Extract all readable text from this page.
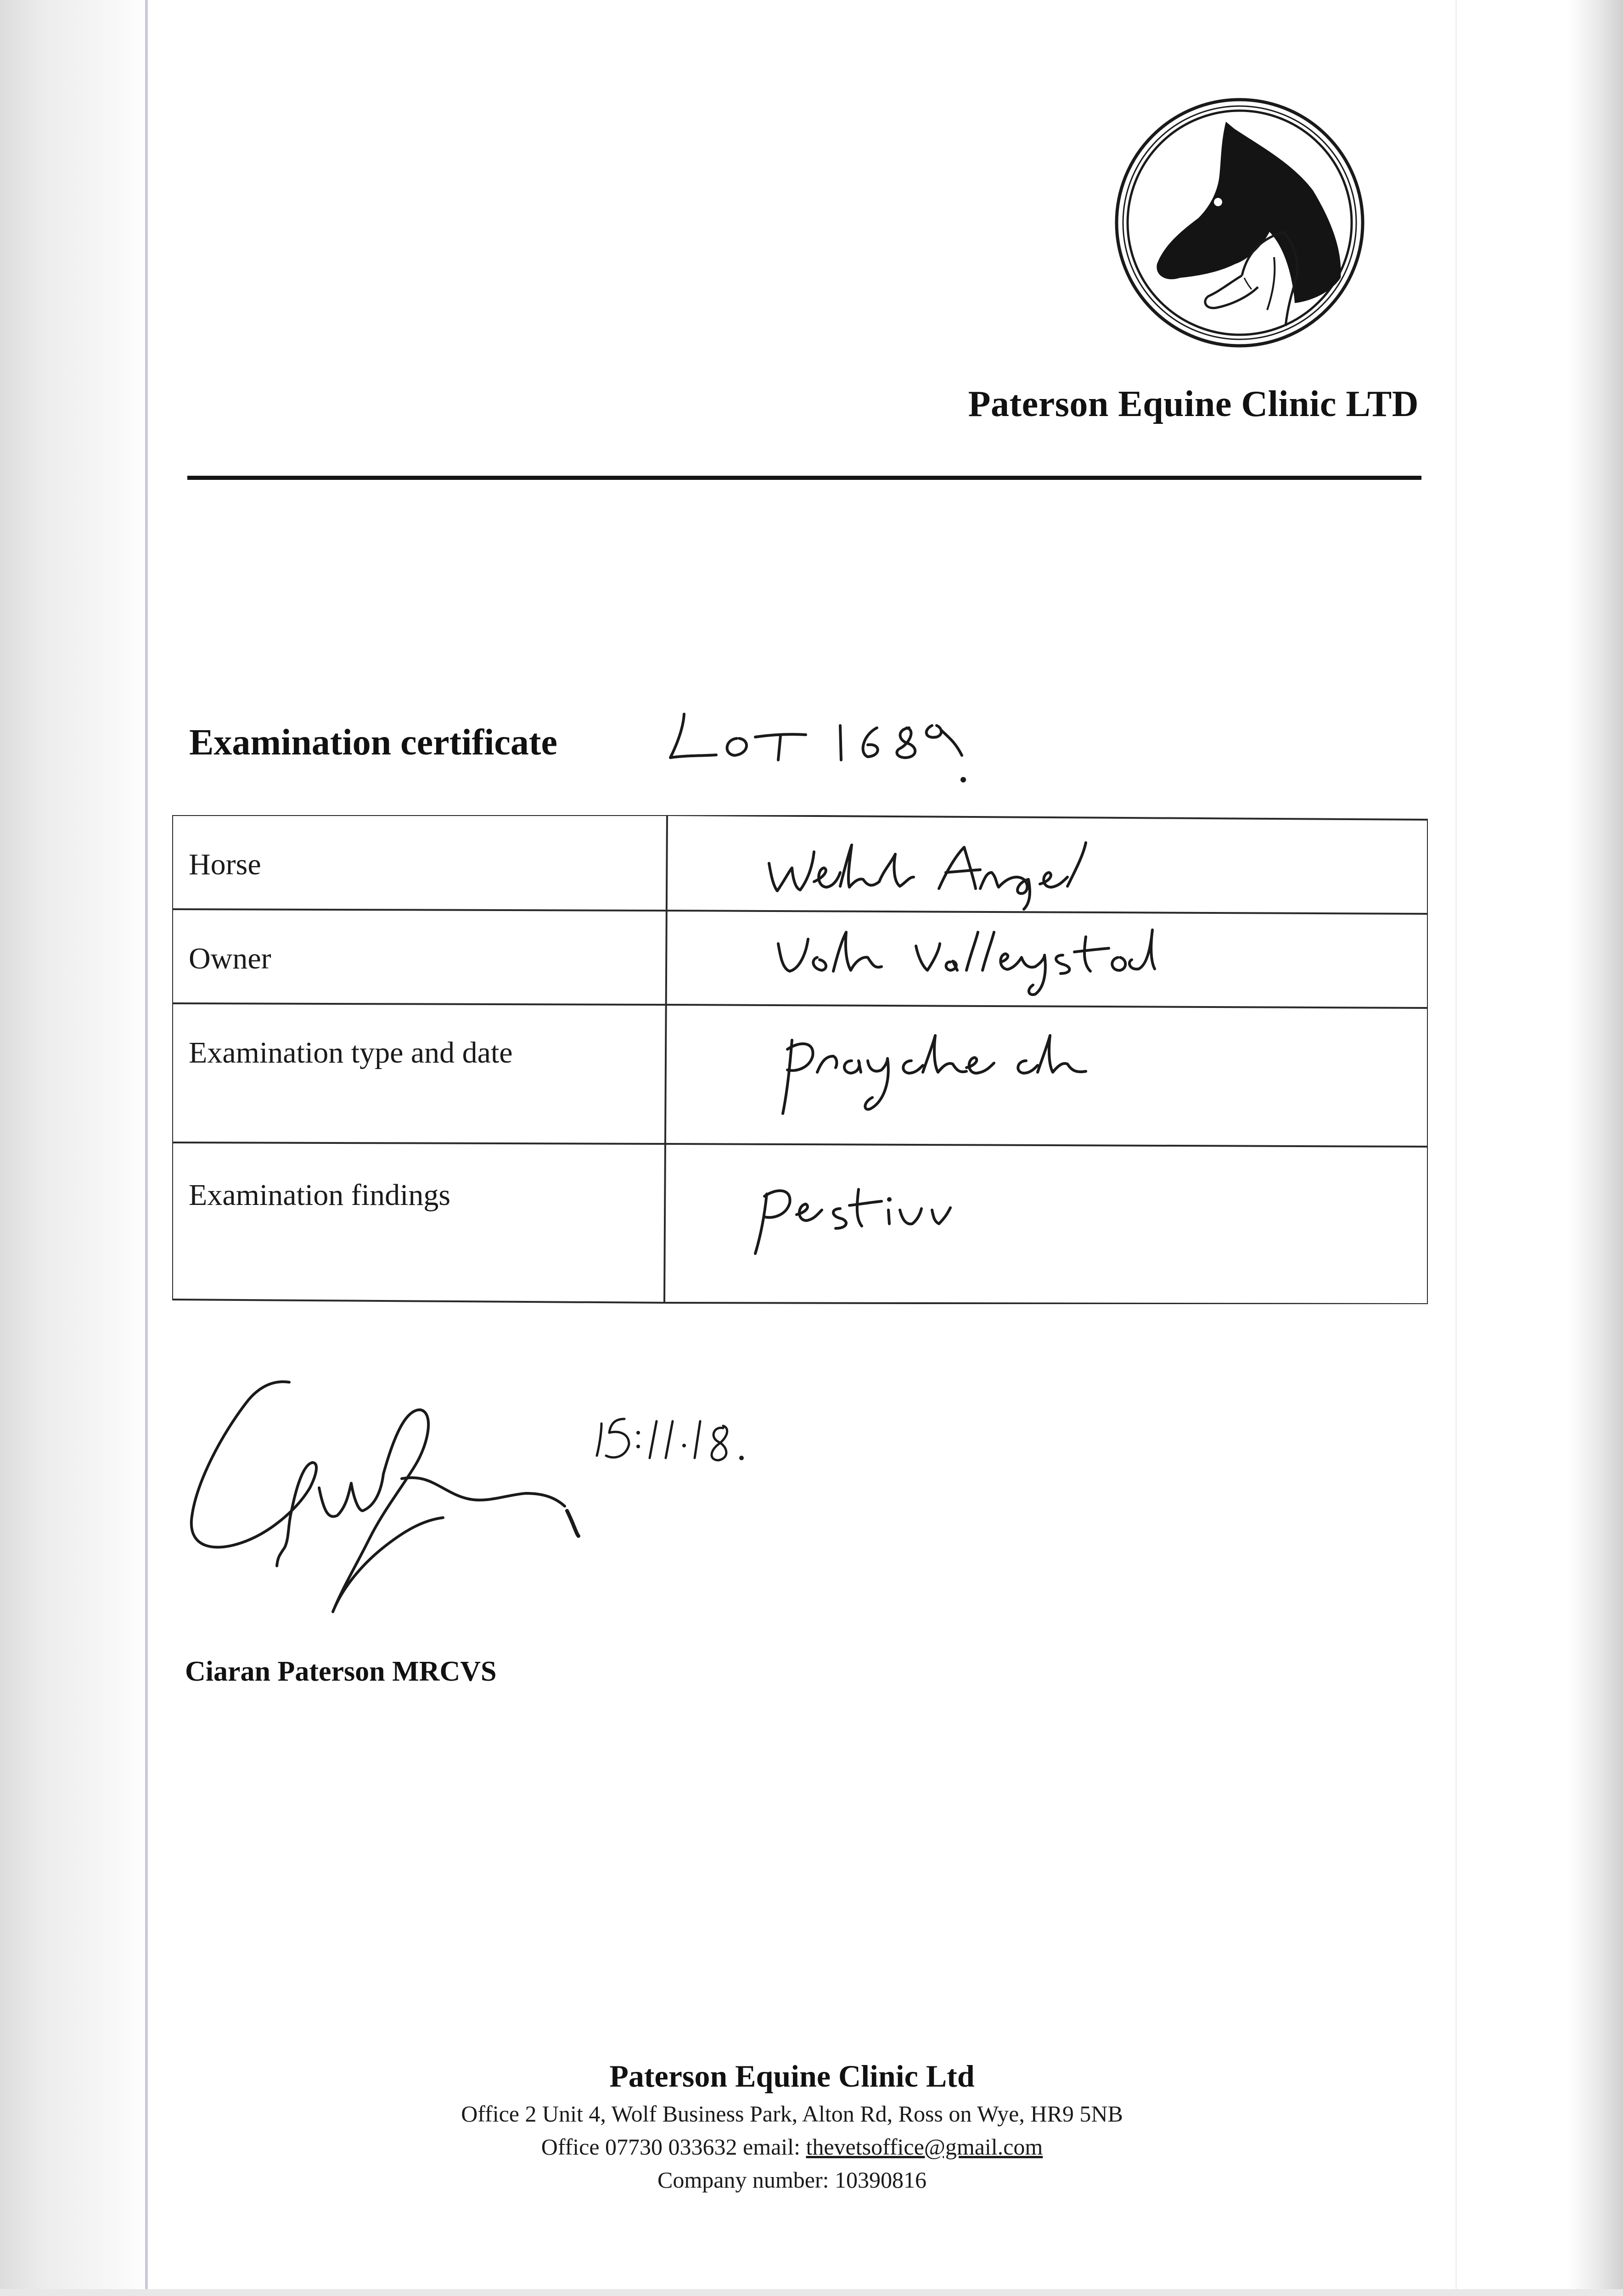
Paterson Equine Clinic LTD
Examination certificate
Horse
Owner
Examination type and date
Examination findings
Ciaran Paterson MRCVS
Paterson Equine Clinic Ltd
Office 2 Unit 4, Wolf Business Park, Alton Rd, Ross on Wye, HR9 5NB
Office 07730 033632 email: thevetsoffice@gmail.com
Company number: 10390816
